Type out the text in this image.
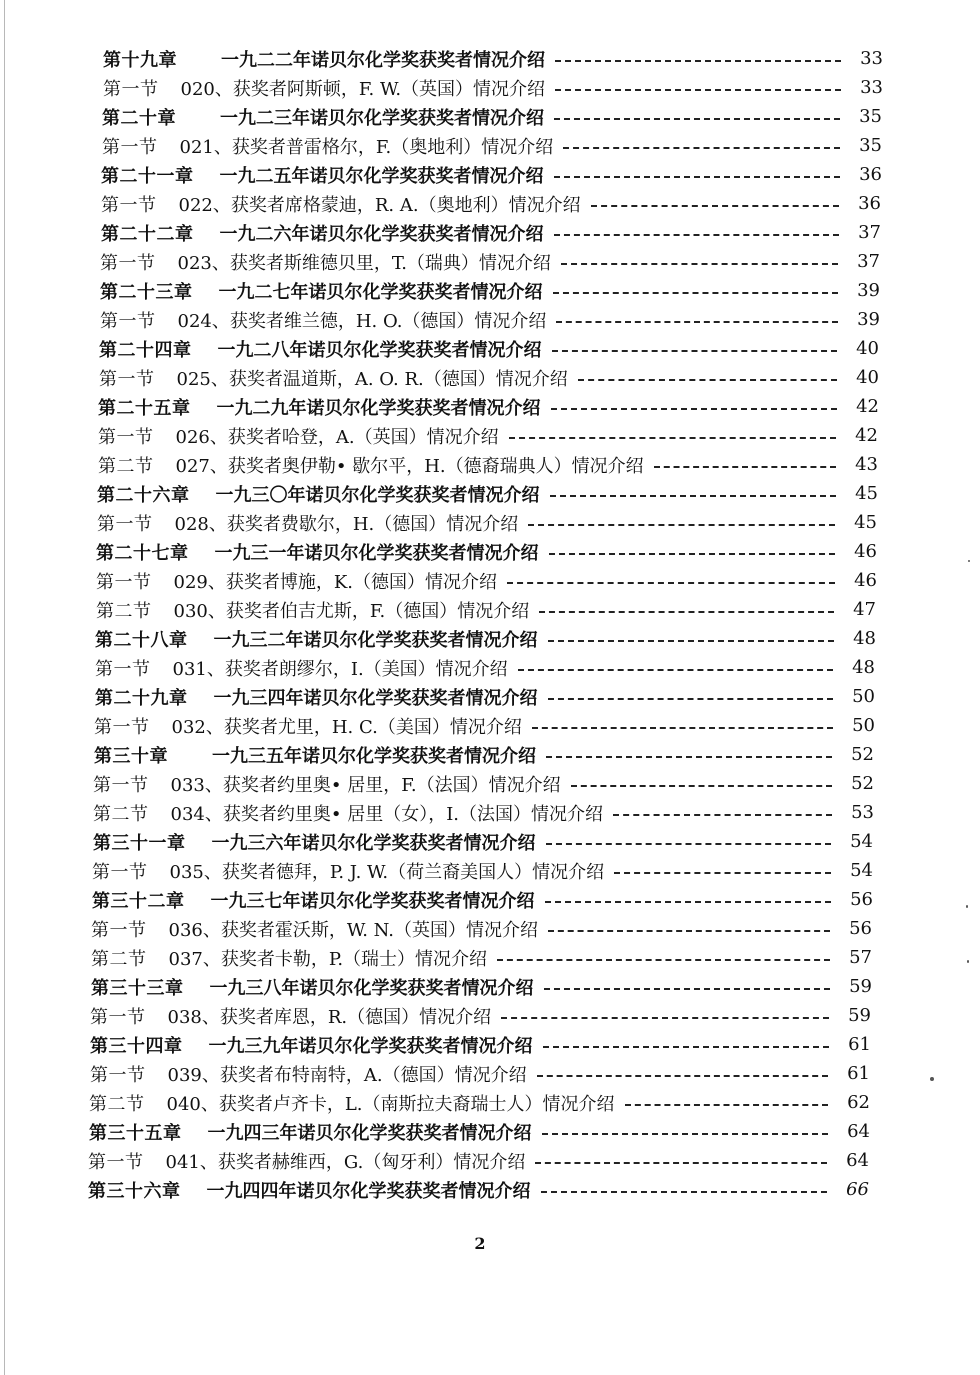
第十九章 一九二二年诺贝尔化学奖获奖者情况介绍	33
第一节 020、获奖者阿斯顿，F. W.（英国）情况介绍	33
第二十章 一九二三年诺贝尔化学奖获奖者情况介绍	35
第一节 021、获奖者普雷格尔，F.（奥地利）情况介绍	35
第二十一章 一九二五年诺贝尔化学奖获奖者情况介绍	36
第一节 022、获奖者席格蒙迪，R. A.（奥地利）情况介绍	36
第二十二章 一九二六年诺贝尔化学奖获奖者情况介绍	37
第一节 023、获奖者斯维德贝里，T.（瑞典）情况介绍	37
第二十三章 一九二七年诺贝尔化学奖获奖者情况介绍	39
第一节 024、获奖者维兰德，H. O.（德国）情况介绍	39
第二十四章 一九二八年诺贝尔化学奖获奖者情况介绍	40
第一节 025、获奖者温道斯，A. O. R.（德国）情况介绍	40
第二十五章 一九二九年诺贝尔化学奖获奖者情况介绍	42
第一节 026、获奖者哈登，A.（英国）情况介绍	42
第二节 027、获奖者奥伊勒• 歇尔平，H.（德裔瑞典人）情况介绍	43
第二十六章 一九三〇年诺贝尔化学奖获奖者情况介绍	45
第一节 028、获奖者费歇尔，H.（德国）情况介绍	45
第二十七章 一九三一年诺贝尔化学奖获奖者情况介绍	46
第一节 029、获奖者博施，K.（德国）情况介绍	46
第二节 030、获奖者伯吉尤斯，F.（德国）情况介绍	47
第二十八章 一九三二年诺贝尔化学奖获奖者情况介绍	48
第一节 031、获奖者朗缪尔，I.（美国）情况介绍	48
第二十九章 一九三四年诺贝尔化学奖获奖者情况介绍	50
第一节 032、获奖者尤里，H. C.（美国）情况介绍	50
第三十章 一九三五年诺贝尔化学奖获奖者情况介绍	52
第一节 033、获奖者约里奥• 居里，F.（法国）情况介绍	52
第二节 034、获奖者约里奥• 居里（女），I.（法国）情况介绍	53
第三十一章 一九三六年诺贝尔化学奖获奖者情况介绍	54
第一节 035、获奖者德拜，P. J. W.（荷兰裔美国人）情况介绍	54
第三十二章 一九三七年诺贝尔化学奖获奖者情况介绍	56
第一节 036、获奖者霍沃斯，W. N.（英国）情况介绍	56
第二节 037、获奖者卡勒，P.（瑞士）情况介绍	57
第三十三章 一九三八年诺贝尔化学奖获奖者情况介绍	59
第一节 038、获奖者库恩，R.（德国）情况介绍	59
第三十四章 一九三九年诺贝尔化学奖获奖者情况介绍	61
第一节 039、获奖者布特南特，A.（德国）情况介绍	61
第二节 040、获奖者卢齐卡，L.（南斯拉夫裔瑞士人）情况介绍	62
第三十五章 一九四三年诺贝尔化学奖获奖者情况介绍	64
第一节 041、获奖者赫维西，G.（匈牙利）情况介绍	64
第三十六章 一九四四年诺贝尔化学奖获奖者情况介绍	66
2
